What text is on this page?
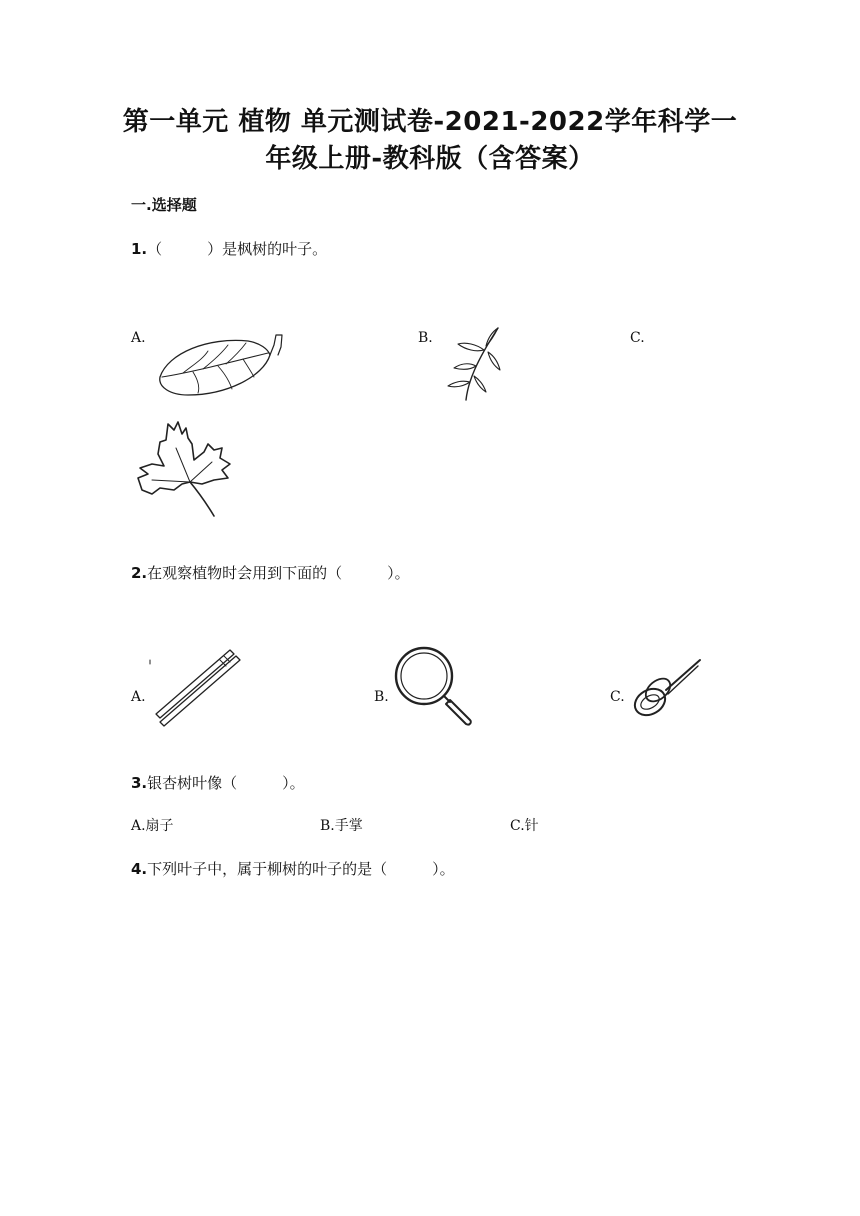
第一单元 植物 单元测试卷-2021-2022学年科学一
年级上册-教科版（含答案）
一.选择题
1.（　　　）是枫树的叶子。
A.	B.	C.
2.在观察植物时会用到下面的（　　　）。
A.	B.	C.
3.银杏树叶像（　　　）。
A.扇子	B.手掌	C.针
4.下列叶子中，属于柳树的叶子的是（　　　）。
